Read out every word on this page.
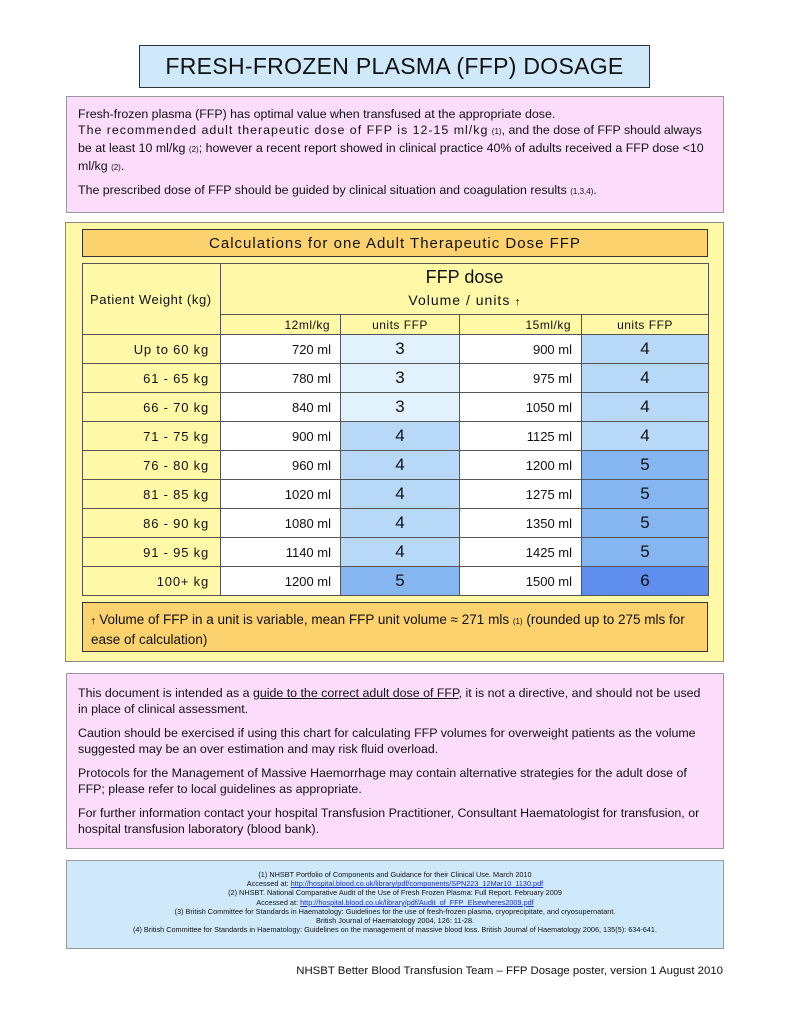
FRESH-FROZEN PLASMA (FFP) DOSAGE

Fresh-frozen plasma (FFP) has optimal value when transfused at the appropriate dose.
The recommended adult therapeutic dose of FFP is 12-15 ml/kg (1), and the dose of FFP should always be at least 10 ml/kg (2); however a recent report showed in clinical practice 40% of adults received a FFP dose <10 ml/kg (2).

The prescribed dose of FFP should be guided by clinical situation and coagulation results (1,3,4).

Calculations for one Adult Therapeutic Dose FFP
Patient Weight (kg)	FFP dose
Volume / units †			

	12ml/kg	units FFP	15ml/kg	units FFP
Up to 60 kg	720 ml	3	900 ml	4
61 - 65 kg	780 ml	3	975 ml	4
66 - 70 kg	840 ml	3	1050 ml	4
71 - 75 kg	900 ml	4	1125 ml	4
76 - 80 kg	960 ml	4	1200 ml	5
81 - 85 kg	1020 ml	4	1275 ml	5
86 - 90 kg	1080 ml	4	1350 ml	5
91 - 95 kg	1140 ml	4	1425 ml	5
100+ kg	1200 ml	5	1500 ml	6
† Volume of FFP in a unit is variable, mean FFP unit volume ≈ 271 mls (1) (rounded up to 275 mls for ease of calculation)

This document is intended as a guide to the correct adult dose of FFP, it is not a directive, and should not be used in place of clinical assessment.

Caution should be exercised if using this chart for calculating FFP volumes for overweight patients as the volume suggested may be an over estimation and may risk fluid overload.

Protocols for the Management of Massive Haemorrhage may contain alternative strategies for the adult dose of FFP; please refer to local guidelines as appropriate.

For further information contact your hospital Transfusion Practitioner, Consultant Haematologist for transfusion, or hospital transfusion laboratory (blood bank).

(1) NHSBT Portfolio of Components and Guidance for their Clinical Use. March 2010
Accessed at: http://hospital.blood.co.uk/library/pdf/components/SPN223_12Mar10_1130.pdf
(2) NHSBT. National Comparative Audit of the Use of Fresh Frozen Plasma: Full Report. February 2009
Accessed at: http://hospital.blood.co.uk/library/pdf/Audit_of_FFP_Elsewheres2009.pdf
(3) British Committee for Standards in Haematology: Guidelines for the use of fresh-frozen plasma, cryoprecipitate, and cryosupernatant.
British Journal of Haematology 2004, 126: 11-28.
(4) British Committee for Standards in Haematology: Guidelines on the management of massive blood loss. British Journal of Haematology 2006, 135(5): 634-641.
NHSBT Better Blood Transfusion Team – FFP Dosage poster, version 1 August 2010
